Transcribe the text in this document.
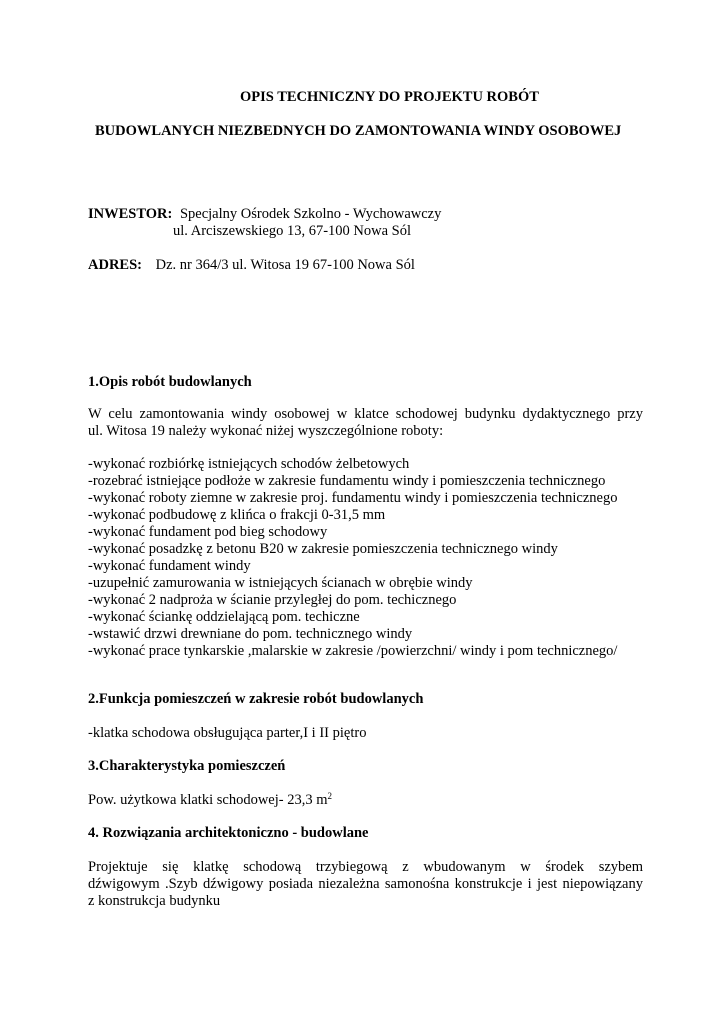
OPIS TECHNICZNY DO PROJEKTU ROBÓT
BUDOWLANYCH NIEZBEDNYCH DO ZAMONTOWANIA WINDY OSOBOWEJ
INWESTOR: Specjalny Ośrodek Szkolno - Wychowawczy
ul. Arciszewskiego 13, 67-100 Nowa Sól
ADRES: Dz. nr 364/3 ul. Witosa 19 67-100 Nowa Sól
1.Opis robót budowlanych
W celu zamontowania windy osobowej w klatce schodowej budynku dydaktycznego przy
ul. Witosa 19 należy wykonać niżej wyszczególnione roboty:
-wykonać rozbiórkę istniejących schodów żelbetowych
-rozebrać istniejące podłoże w zakresie fundamentu windy i pomieszczenia technicznego
-wykonać roboty ziemne w zakresie proj. fundamentu windy i pomieszczenia technicznego
-wykonać podbudowę z klińca o frakcji 0-31,5 mm
-wykonać fundament pod bieg schodowy
-wykonać posadzkę z betonu B20 w zakresie pomieszczenia technicznego windy
-wykonać fundament windy
-uzupełnić zamurowania w istniejących ścianach w obrębie windy
-wykonać 2 nadproża w ścianie przyległej do pom. techicznego
-wykonać ściankę oddzielającą pom. techiczne
-wstawić drzwi drewniane do pom. technicznego windy
-wykonać prace tynkarskie ,malarskie w zakresie /powierzchni/ windy i pom technicznego/
2.Funkcja pomieszczeń w zakresie robót budowlanych
-klatka schodowa obsługująca parter,I i II piętro
3.Charakterystyka pomieszczeń
Pow. użytkowa klatki schodowej- 23,3 $m^2$
4. Rozwiązania architektoniczno - budowlane
Projektuje się klatkę schodową trzybiegową z wbudowanym w środek szybem
dźwigowym .Szyb dźwigowy posiada niezależna samonośna konstrukcje i jest niepowiązany
z konstrukcja budynku
